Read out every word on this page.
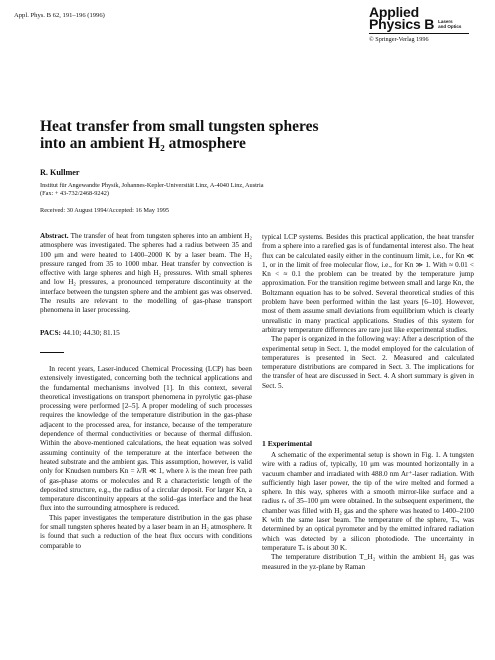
Appl. Phys. B 62, 191–196 (1996)	Applied
Physics B Lasers
and Optics
© Springer-Verlag 1996
Heat transfer from small tungsten spheres
into an ambient H₂ atmosphere
R. Kullmer
Institut für Angewandte Physik, Johannes-Kepler-Universität Linz, A-4040 Linz, Austria
(Fax: + 43-732/2468-9242)
Received: 30 August 1994/Accepted: 16 May 1995

Abstract. The transfer of heat from tungsten spheres into an ambient H₂ atmosphere was investigated. The spheres had a radius between 35 and 100 μm and were heated to 1400–2000 K by a laser beam. The H₂ pressure ranged from 35 to 1000 mbar. Heat transfer by convection is effective with large spheres and high H₂ pressures. With small spheres and low H₂ pressures, a pronounced temperature discontinuity at the interface between the tungsten sphere and the ambient gas was observed. The results are relevant to the modelling of gas-phase transport phenomena in laser processing.

PACS: 44.10; 44.30; 81.15

In recent years, Laser-induced Chemical Processing (LCP) has been extensively investigated, concerning both the technical applications and the fundamental mechanisms involved [1]. In this context, several theoretical investigations on transport phenomena in pyrolytic gas-phase processing were performed [2–5]. A proper modeling of such processes requires the knowledge of the temperature distribution in the gas-phase adjacent to the processed area, for instance, because of the temperature dependence of thermal conductivities or because of thermal diffusion. Within the above-mentioned calculations, the heat equation was solved assuming continuity of the temperature at the interface between the heated substrate and the ambient gas. This assumption, however, is valid only for Knudsen numbers Kn = λ/R ≪ 1, where λ is the mean free path of gas-phase atoms or molecules and R a characteristic length of the deposited structure, e.g., the radius of a circular deposit. For larger Kn, a temperature discontinuity appears at the solid–gas interface and the heat flux into the surrounding atmosphere is reduced.

This paper investigates the temperature distribution in the gas phase for small tungsten spheres heated by a laser beam in an H₂ atmosphere. It is found that such a reduction of the heat flux occurs with conditions comparable to

typical LCP systems. Besides this practical application, the heat transfer from a sphere into a rarefied gas is of fundamental interest also. The heat flux can be calculated easily either in the continuum limit, i.e., for Kn ≪ 1, or in the limit of free molecular flow, i.e., for Kn ≫ 1. With ≈ 0.01 < Kn < ≈ 0.1 the problem can be treated by the temperature jump approximation. For the transition regime between small and large Kn, the Boltzmann equation has to be solved. Several theoretical studies of this problem have been performed within the last years [6–10]. However, most of them assume small deviations from equilibrium which is clearly unrealistic in many practical applications. Studies of this system for arbitrary temperature differences are rare just like experimental studies.

The paper is organized in the following way: After a description of the experimental setup in Sect. 1, the model employed for the calculation of temperatures is presented in Sect. 2. Measured and calculated temperature distributions are compared in Sect. 3. The implications for the transfer of heat are discussed in Sect. 4. A short summary is given in Sect. 5.

1 Experimental

A schematic of the experimental setup is shown in Fig. 1. A tungsten wire with a radius of, typically, 10 μm was mounted horizontally in a vacuum chamber and irradiated with 488.0 nm Ar⁺-laser radiation. With sufficiently high laser power, the tip of the wire melted and formed a sphere. In this way, spheres with a smooth mirror-like surface and a radius rₛ of 35–100 μm were obtained. In the subsequent experiment, the chamber was filled with H₂ gas and the sphere was heated to 1400–2100 K with the same laser beam. The temperature of the sphere, Tₛ, was determined by an optical pyrometer and by the emitted infrared radiation which was detected by a silicon photodiode. The uncertainty in temperature Tₛ is about 30 K.

The temperature distribution T_H₂ within the ambient H₂ gas was measured in the yz-plane by Raman
